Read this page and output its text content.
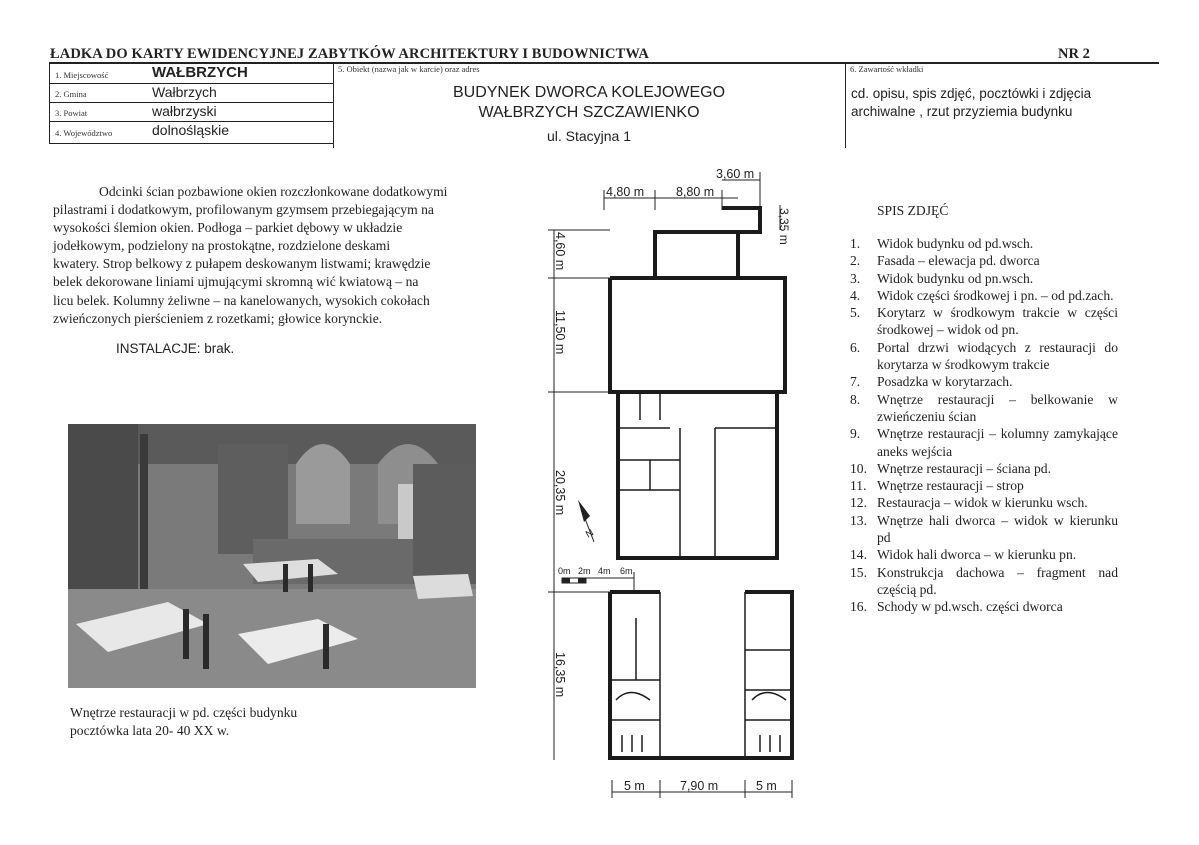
ŁADKA DO KARTY EWIDENCYJNEJ ZABYTKÓW ARCHITEKTURY I BUDOWNICTWA	NR 2
1. Miejscowość	WAŁBRZYCH
2. Gmina	Wałbrzych
3. Powiat	wałbrzyski
4. Województwo	dolnośląskie
5. Obiekt (nazwa jak w karcie) oraz adres
BUDYNEK DWORCA KOLEJOWEGO
WAŁBRZYCH SZCZAWIENKO
ul. Stacyjna 1
6. Zawartość wkładki
cd. opisu, spis zdjęć, pocztówki i zdjęcia
archiwalne , rzut przyziemia budynku
Odcinki ścian pozbawione okien rozczłonkowane dodatkowymi
pilastrami i dodatkowym, profilowanym gzymsem przebiegającym na
wysokości ślemion okien. Podłoga – parkiet dębowy w układzie
jodełkowym, podzielony na prostokątne, rozdzielone deskami
kwatery. Strop belkowy z pułapem deskowanym listwami; krawędzie
belek dekorowane liniami ujmującymi skromną wić kwiatową – na
licu belek. Kolumny żeliwne – na kanelowanych, wysokich cokołach
zwieńczonych pierścieniem z rozetkami; głowice korynckie.
INSTALACJE: brak.
Wnętrze restauracji w pd. części budynku
pocztówka lata 20- 40 XX w.
4,80 m	8,80 m
3,60 m
3,35 m
4,60 m
11,50 m
20,35 m
16,35 m
5 m	7,90 m	5 m
0m 2m 4m 6m
N
SPIS ZDJĘĆ
1.	Widok budynku od pd.wsch.
2.	Fasada – elewacja pd. dworca
3.	Widok budynku od pn.wsch.
4.	Widok części środkowej i pn. – od pd.zach.
5.	Korytarz w środkowym trakcie w części środkowej – widok od pn.
6.	Portal drzwi wiodących z restauracji do korytarza w środkowym trakcie
7.	Posadzka w korytarzach.
8.	Wnętrze restauracji – belkowanie w zwieńczeniu ścian
9.	Wnętrze restauracji – kolumny zamykające aneks wejścia
10. Wnętrze restauracji – ściana pd.
11. Wnętrze restauracji – strop
12. Restauracja – widok w kierunku wsch.
13. Wnętrze hali dworca – widok w kierunku pd
14. Widok hali dworca – w kierunku pn.
15. Konstrukcja dachowa – fragment nad częścią pd.
16. Schody w pd.wsch. części dworca
